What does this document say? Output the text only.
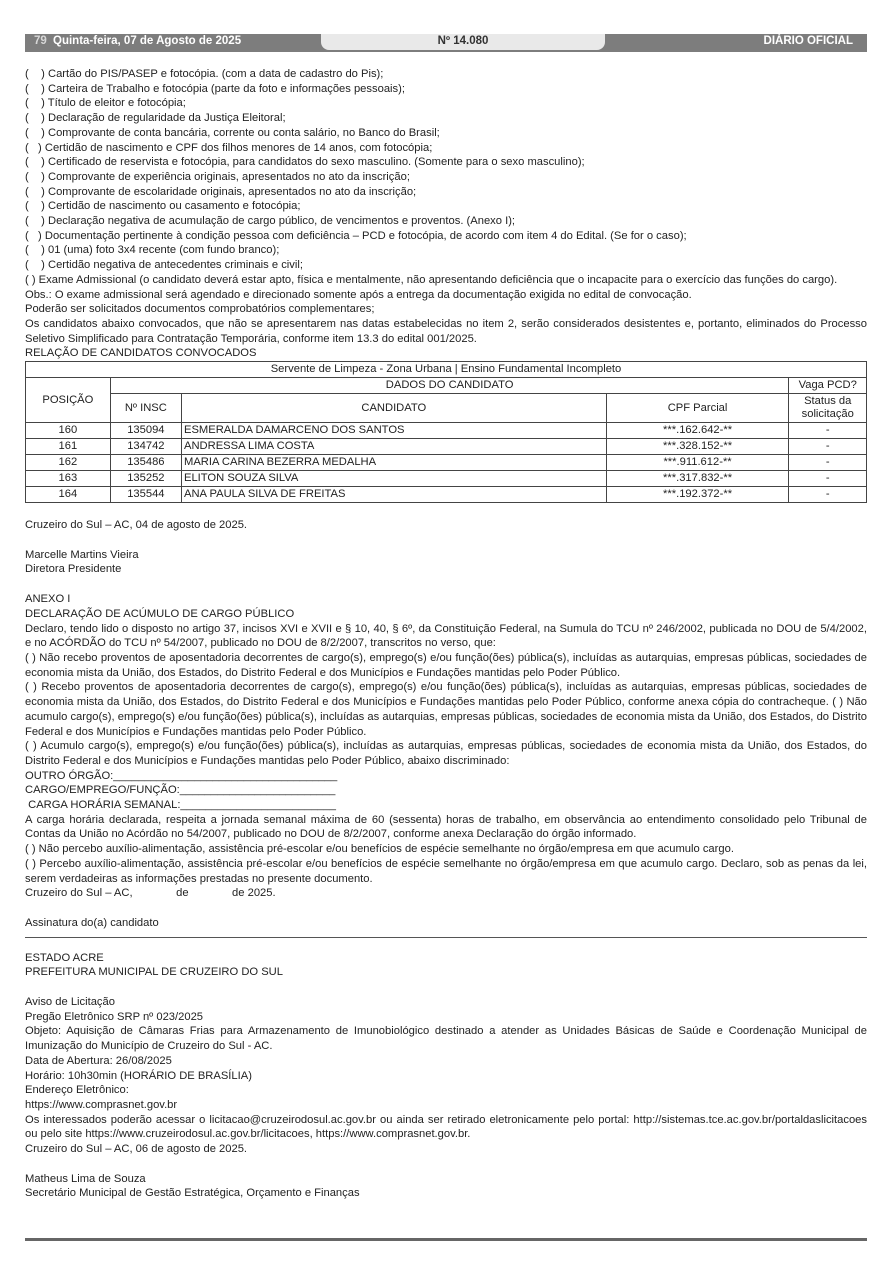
79 Quinta-feira, 07 de Agosto de 2025	Nº 14.080	DIÁRIO OFICIAL

(    ) Cartão do PIS/PASEP e fotocópia. (com a data de cadastro do Pis);

(    ) Carteira de Trabalho e fotocópia (parte da foto e informações pessoais);

(    ) Título de eleitor e fotocópia;

(    ) Declaração de regularidade da Justiça Eleitoral;

(    ) Comprovante de conta bancária, corrente ou conta salário, no Banco do Brasil;

(   ) Certidão de nascimento e CPF dos filhos menores de 14 anos, com fotocópia;

(    ) Certificado de reservista e fotocópia, para candidatos do sexo masculino. (Somente para o sexo masculino);

(    ) Comprovante de experiência originais, apresentados no ato da inscrição;

(    ) Comprovante de escolaridade originais, apresentados no ato da inscrição;

(    ) Certidão de nascimento ou casamento e fotocópia;

(    ) Declaração negativa de acumulação de cargo público, de vencimentos e proventos. (Anexo I);

(   ) Documentação pertinente à condição pessoa com deficiência – PCD e fotocópia, de acordo com item 4 do Edital. (Se for o caso);

(    ) 01 (uma) foto 3x4 recente (com fundo branco);

(    ) Certidão negativa de antecedentes criminais e civil;

( ) Exame Admissional (o candidato deverá estar apto, física e mentalmente, não apresentando deficiência que o incapacite para o exercício das funções do cargo).

Obs.: O exame admissional será agendado e direcionado somente após a entrega da documentação exigida no edital de convocação.

Poderão ser solicitados documentos comprobatórios complementares;

Os candidatos abaixo convocados, que não se apresentarem nas datas estabelecidas no item 2, serão considerados desistentes e, portanto, eliminados do Processo Seletivo Simplificado para Contratação Temporária, conforme item 13.3 do edital 001/2025.

RELAÇÃO DE CANDIDATOS CONVOCADOS

Servente de Limpeza - Zona Urbana | Ensino Fundamental Incompleto				
POSIÇÃO	DADOS DO CANDIDATO			Vaga PCD?
	Nº INSC	CANDIDATO	CPF Parcial	Status da solicitação
160	135094	ESMERALDA DAMARCENO DOS SANTOS	***.162.642-**	-
161	134742	ANDRESSA LIMA COSTA	***.328.152-**	-
162	135486	MARIA CARINA BEZERRA MEDALHA	***.911.612-**	-
163	135252	ELITON SOUZA SILVA	***.317.832-**	-
164	135544	ANA PAULA SILVA DE FREITAS	***.192.372-**	-

Cruzeiro do Sul – AC, 04 de agosto de 2025.

Marcelle Martins Vieira

Diretora Presidente

ANEXO I

DECLARAÇÃO DE ACÚMULO DE CARGO PÚBLICO

Declaro, tendo lido o disposto no artigo 37, incisos XVI e XVII e § 10, 40, § 6º, da Constituição Federal, na Sumula do TCU nº 246/2002, publicada no DOU de 5/4/2002, e no ACÓRDÃO do TCU nº 54/2007, publicado no DOU de 8/2/2007, transcritos no verso, que:

( ) Não recebo proventos de aposentadoria decorrentes de cargo(s), emprego(s) e/ou função(ões) pública(s), incluídas as autarquias, empresas públicas, sociedades de economia mista da União, dos Estados, do Distrito Federal e dos Municípios e Fundações mantidas pelo Poder Público.

( ) Recebo proventos de aposentadoria decorrentes de cargo(s), emprego(s) e/ou função(ões) pública(s), incluídas as autarquias, empresas públicas, sociedades de economia mista da União, dos Estados, do Distrito Federal e dos Municípios e Fundações mantidas pelo Poder Público, conforme anexa cópia do contracheque. ( ) Não acumulo cargo(s), emprego(s) e/ou função(ões) pública(s), incluídas as autarquias, empresas públicas, sociedades de economia mista da União, dos Estados, do Distrito Federal e dos Municípios e Fundações mantidas pelo Poder Público.

( ) Acumulo cargo(s), emprego(s) e/ou função(ões) pública(s), incluídas as autarquias, empresas públicas, sociedades de economia mista da União, dos Estados, do Distrito Federal e dos Municípios e Fundações mantidas pelo Poder Público, abaixo discriminado:

OUTRO ÓRGÃO:____________________________________

CARGO/EMPREGO/FUNÇÃO:_________________________

CARGA HORÁRIA SEMANAL:_________________________

A carga horária declarada, respeita a jornada semanal máxima de 60 (sessenta) horas de trabalho, em observância ao entendimento consolidado pelo Tribunal de Contas da União no Acórdão no 54/2007, publicado no DOU de 8/2/2007, conforme anexa Declaração do órgão informado.

( ) Não percebo auxílio-alimentação, assistência pré-escolar e/ou benefícios de espécie semelhante no órgão/empresa em que acumulo cargo.

( ) Percebo auxílio-alimentação, assistência pré-escolar e/ou benefícios de espécie semelhante no órgão/empresa em que acumulo cargo. Declaro, sob as penas da lei, serem verdadeiras as informações prestadas no presente documento.

Cruzeiro do Sul – AC,              de              de 2025.

Assinatura do(a) candidato

ESTADO ACRE

PREFEITURA MUNICIPAL DE CRUZEIRO DO SUL

Aviso de Licitação

Pregão Eletrônico SRP nº 023/2025

Objeto: Aquisição de Câmaras Frias para Armazenamento de Imunobiológico destinado a atender as Unidades Básicas de Saúde e Coordenação Municipal de Imunização do Município de Cruzeiro do Sul - AC.

Data de Abertura: 26/08/2025

Horário: 10h30min (HORÁRIO DE BRASÍLIA)

Endereço Eletrônico:

https://www.comprasnet.gov.br

Os interessados poderão acessar o licitacao@cruzeirodosul.ac.gov.br ou ainda ser retirado eletronicamente pelo portal: http://sistemas.tce.ac.gov.br/portaldaslicitacoes ou pelo site https://www.cruzeirodosul.ac.gov.br/licitacoes, https://www.comprasnet.gov.br.

Cruzeiro do Sul – AC, 06 de agosto de 2025.

Matheus Lima de Souza

Secretário Municipal de Gestão Estratégica, Orçamento e Finanças
